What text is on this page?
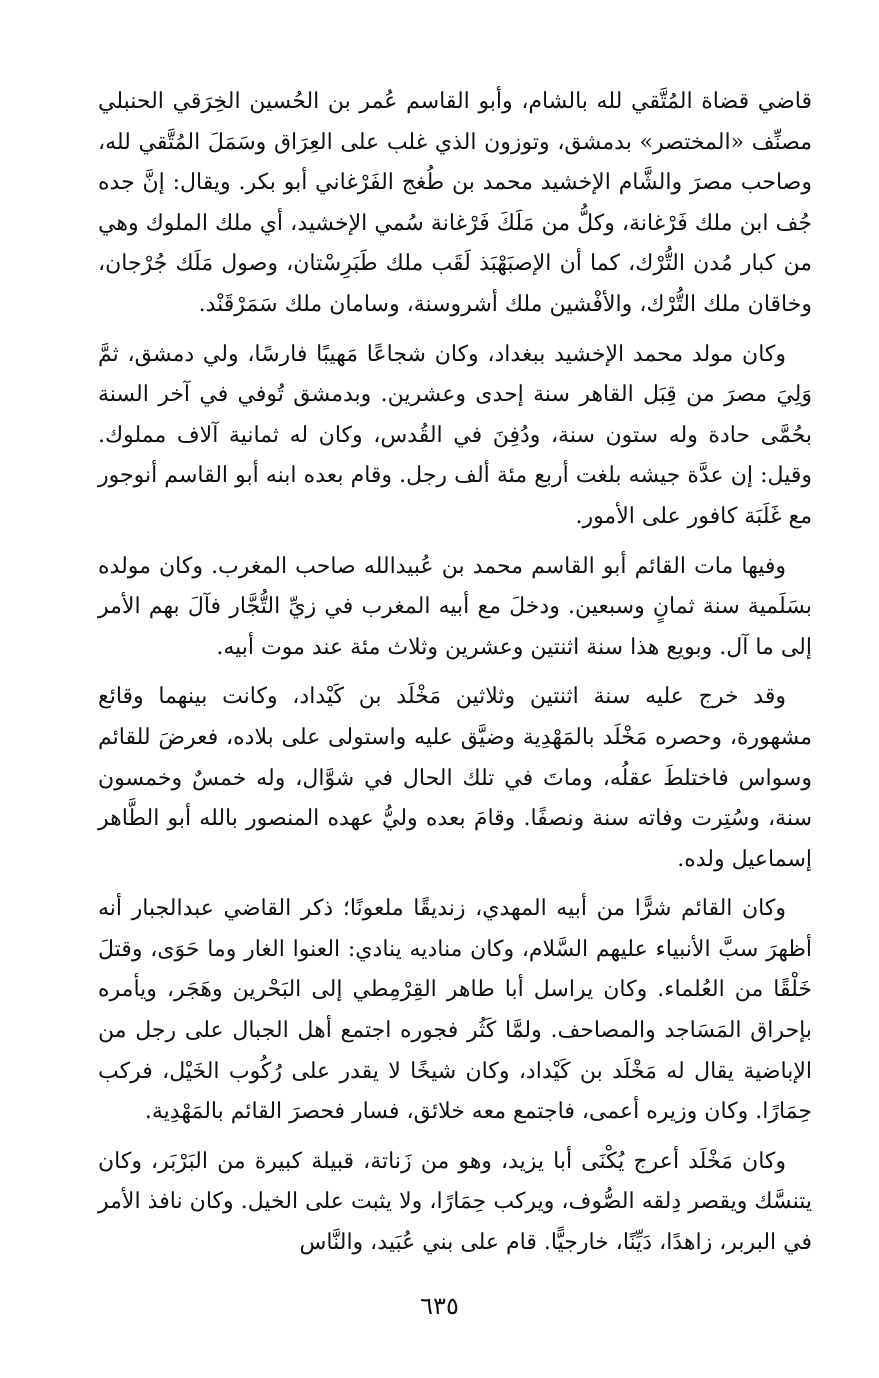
قاضي قضاة المُتَّقي لله بالشام، وأبو القاسم عُمر بن الحُسين الخِرَقي الحنبلي مصنِّف «المختصر» بدمشق، وتوزون الذي غلب على العِرَاق وسَمَلَ المُتَّقي لله، وصاحب مصرَ والشَّام الإخشيد محمد بن طُغج الفَرْغاني أبو بكر. ويقال: إنَّ جده جُف ابن ملك فَرْغانة، وكلُّ من مَلَكَ فَرْغانة سُمي الإخشيد، أي ملك الملوك وهي من كبار مُدن التُّرْك، كما أن الإصبَهْبَذ لَقَب ملك طَبَرِسْتان، وصول مَلَك جُرْجان، وخاقان ملك التُّرْك، والأفْشين ملك أشروسنة، وسامان ملك سَمَرْقَنْد.

وكان مولد محمد الإخشيد ببغداد، وكان شجاعًا مَهيبًا فارسًا، ولي دمشق، ثمَّ وَلِيَ مصرَ من قِبَل القاهر سنة إحدى وعشرين. وبدمشق تُوفي في آخر السنة بحُمَّى حادة وله ستون سنة، ودُفِنَ في القُدس، وكان له ثمانية آلاف مملوك. وقيل: إن عدَّة جيشه بلغت أربع مئة ألف رجل. وقام بعده ابنه أبو القاسم أنوجور مع غَلَبَة كافور على الأمور.

وفيها مات القائم أبو القاسم محمد بن عُبيدالله صاحب المغرب. وكان مولده بسَلَمية سنة ثمانٍ وسبعين. ودخلَ مع أبيه المغرب في زيِّ التُّجَّار فآلَ بهم الأمر إلى ما آل. وبويع هذا سنة اثنتين وعشرين وثلاث مئة عند موت أبيه.

وقد خرج عليه سنة اثنتين وثلاثين مَخْلَد بن كَيْداد، وكانت بينهما وقائع مشهورة، وحصره مَخْلَد بالمَهْدِية وضيَّق عليه واستولى على بلاده، فعرضَ للقائم وسواس فاختلطَ عقلُه، وماتَ في تلك الحال في شوَّال، وله خمسٌ وخمسون سنة، وسُتِرت وفاته سنة ونصفًا. وقامَ بعده وليُّ عهده المنصور بالله أبو الطَّاهر إسماعيل ولده.

وكان القائم شرًّا من أبيه المهدي، زنديقًا ملعونًا؛ ذكر القاضي عبدالجبار أنه أظهرَ سبَّ الأنبياء عليهم السَّلام، وكان مناديه ينادي: العنوا الغار وما حَوَى، وقتلَ خَلْقًا من العُلماء. وكان يراسل أبا طاهر القِرْمِطي إلى البَحْرين وهَجَر، ويأمره بإحراق المَسَاجد والمصاحف. ولمَّا كَثُر فجوره اجتمع أهل الجبال على رجل من الإباضية يقال له مَخْلَد بن كَيْداد، وكان شيخًا لا يقدر على رُكُوب الخَيْل، فركب حِمَارًا. وكان وزيره أعمى، فاجتمع معه خلائق، فسار فحصرَ القائم بالمَهْدِية.

وكان مَخْلَد أعرج يُكْنَى أبا يزيد، وهو من زَناتة، قبيلة كبيرة من البَرْبَر، وكان يتنسَّك ويقصر دِلقه الصُّوف، ويركب حِمَارًا، ولا يثبت على الخيل. وكان نافذ الأمر في البربر، زاهدًا، دَيِّنًا، خارجيًّا. قام على بني عُبَيد، والنَّاس

٦٣٥
